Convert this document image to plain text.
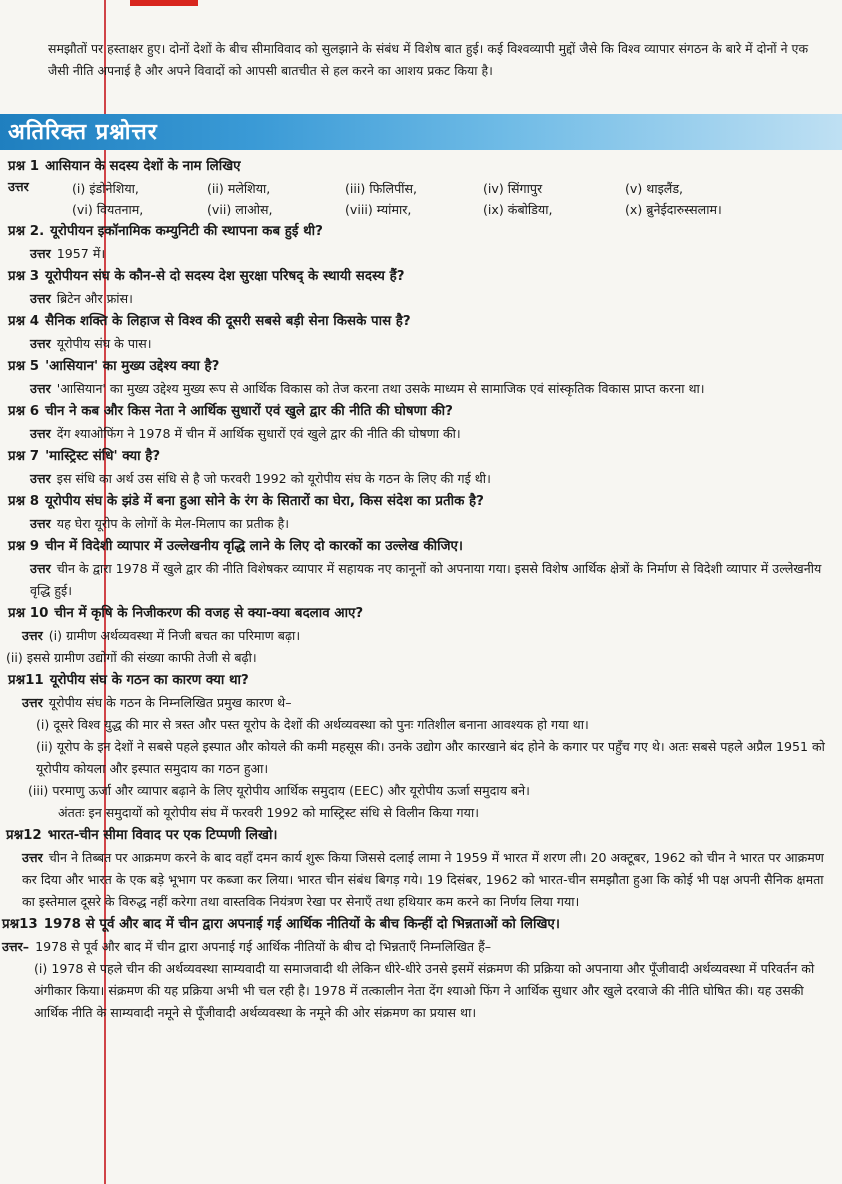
समझौतों पर हस्ताक्षर हुए। दोनों देशों के बीच सीमाविवाद को सुलझाने के संबंध में विशेष बात हुई। कई विश्वव्यापी मुद्दों जैसे कि विश्व व्यापार संगठन के बारे में दोनों ने एक जैसी नीति अपनाई है और अपने विवादों को आपसी बातचीत से हल करने का आशय प्रकट किया है।

अतिरिक्त प्रश्नोत्तर

प्रश्न 1 आसियान के सदस्य देशों के नाम लिखिए

उत्तर	(i) इंडोनेशिया,	(ii) मलेशिया,	(iii) फिलिपींस,	(iv) सिंगापुर	(v) थाइलैंड,
(vi) वियतनाम,	(vii) लाओस,	(viii) म्यांमार,	(ix) कंबोडिया,	(x) ब्रुनेईदारुस्सलाम।

प्रश्न 2. यूरोपीयन इकॉनामिक कम्युनिटी की स्थापना कब हुई थी?

उत्तर 1957 में।

प्रश्न 3 यूरोपीयन संघ के कौन-से दो सदस्य देश सुरक्षा परिषद् के स्थायी सदस्य हैं?

उत्तर ब्रिटेन और फ्रांस।

प्रश्न 4 सैनिक शक्ति के लिहाज से विश्व की दूसरी सबसे बड़ी सेना किसके पास है?

उत्तर यूरोपीय संघ के पास।

प्रश्न 5 'आसियान' का मुख्य उद्देश्य क्या है?

उत्तर 'आसियान' का मुख्य उद्देश्य मुख्य रूप से आर्थिक विकास को तेज करना तथा उसके माध्यम से सामाजिक एवं सांस्कृतिक विकास प्राप्त करना था।

प्रश्न 6 चीन ने कब और किस नेता ने आर्थिक सुधारों एवं खुले द्वार की नीति की घोषणा की?

उत्तर देंग श्याओफिंग ने 1978 में चीन में आर्थिक सुधारों एवं खुले द्वार की नीति की घोषणा की।

प्रश्न 7 'मास्ट्रिस्ट संधि' क्या है?

उत्तर इस संधि का अर्थ उस संधि से है जो फरवरी 1992 को यूरोपीय संघ के गठन के लिए की गई थी।

प्रश्न 8 यूरोपीय संघ के झंडे में बना हुआ सोने के रंग के सितारों का घेरा, किस संदेश का प्रतीक है?

उत्तर यह घेरा यूरोप के लोगों के मेल-मिलाप का प्रतीक है।

प्रश्न 9 चीन में विदेशी व्यापार में उल्लेखनीय वृद्धि लाने के लिए दो कारकों का उल्लेख कीजिए।

उत्तर चीन के द्वारा 1978 में खुले द्वार की नीति विशेषकर व्यापार में सहायक नए कानूनों को अपनाया गया। इससे विशेष आर्थिक क्षेत्रों के निर्माण से विदेशी व्यापार में उल्लेखनीय वृद्धि हुई।

प्रश्न 10 चीन में कृषि के निजीकरण की वजह से क्या-क्या बदलाव आए?

उत्तर (i) ग्रामीण अर्थव्यवस्था में निजी बचत का परिमाण बढ़ा।

(ii) इससे ग्रामीण उद्योगों की संख्या काफी तेजी से बढ़ी।

प्रश्न11 यूरोपीय संघ के गठन का कारण क्या था?

उत्तर यूरोपीय संघ के गठन के निम्नलिखित प्रमुख कारण थे–

(i) दूसरे विश्व युद्ध की मार से त्रस्त और पस्त यूरोप के देशों की अर्थव्यवस्था को पुनः गतिशील बनाना आवश्यक हो गया था।

(ii) यूरोप के इन देशों ने सबसे पहले इस्पात और कोयले की कमी महसूस की। उनके उद्योग और कारखाने बंद होने के कगार पर पहुँच गए थे। अतः सबसे पहले अप्रैल 1951 को यूरोपीय कोयला और इस्पात समुदाय का गठन हुआ।

(iii) परमाणु ऊर्जा और व्यापार बढ़ाने के लिए यूरोपीय आर्थिक समुदाय (EEC) और यूरोपीय ऊर्जा समुदाय बने।

अंततः इन समुदायों को यूरोपीय संघ में फरवरी 1992 को मास्ट्रिस्ट संधि से विलीन किया गया।

प्रश्न12 भारत-चीन सीमा विवाद पर एक टिप्पणी लिखो।

उत्तर चीन ने तिब्बत पर आक्रमण करने के बाद वहाँ दमन कार्य शुरू किया जिससे दलाई लामा ने 1959 में भारत में शरण ली। 20 अक्टूबर, 1962 को चीन ने भारत पर आक्रमण कर दिया और भारत के एक बड़े भूभाग पर कब्जा कर लिया। भारत चीन संबंध बिगड़ गये। 19 दिसंबर, 1962 को भारत-चीन समझौता हुआ कि कोई भी पक्ष अपनी सैनिक क्षमता का इस्तेमाल दूसरे के विरुद्ध नहीं करेगा तथा वास्तविक नियंत्रण रेखा पर सेनाएँ तथा हथियार कम करने का निर्णय लिया गया।

प्रश्न13 1978 से पूर्व और बाद में चीन द्वारा अपनाई गई आर्थिक नीतियों के बीच किन्हीं दो भिन्नताओं को लिखिए।

उत्तर– 1978 से पूर्व और बाद में चीन द्वारा अपनाई गई आर्थिक नीतियों के बीच दो भिन्नताएँ निम्नलिखित हैं–

(i) 1978 से पहले चीन की अर्थव्यवस्था साम्यवादी या समाजवादी थी लेकिन धीरे-धीरे उनसे इसमें संक्रमण की प्रक्रिया को अपनाया और पूँजीवादी अर्थव्यवस्था में परिवर्तन को अंगीकार किया। संक्रमण की यह प्रक्रिया अभी भी चल रही है। 1978 में तत्कालीन नेता देंग श्याओ फिंग ने आर्थिक सुधार और खुले दरवाजे की नीति घोषित की। यह उसकी आर्थिक नीति के साम्यवादी नमूने से पूँजीवादी अर्थव्यवस्था के नमूने की ओर संक्रमण का प्रयास था।
